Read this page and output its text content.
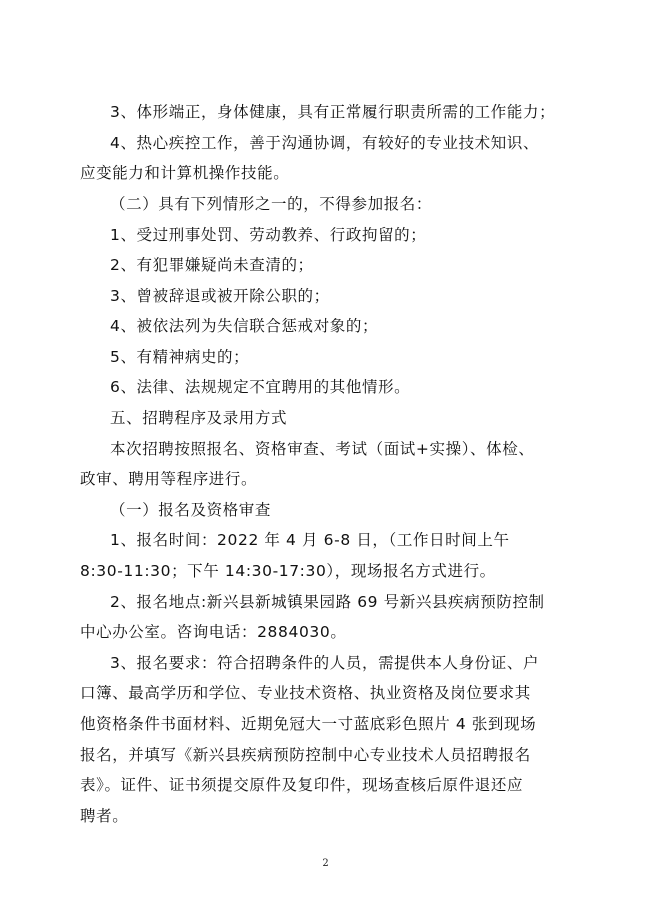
3、体形端正，身体健康，具有正常履行职责所需的工作能力；
4、热心疾控工作，善于沟通协调，有较好的专业技术知识、
应变能力和计算机操作技能。
（二）具有下列情形之一的，不得参加报名：
1、受过刑事处罚、劳动教养、行政拘留的；
2、有犯罪嫌疑尚未查清的；
3、曾被辞退或被开除公职的；
4、被依法列为失信联合惩戒对象的；
5、有精神病史的；
6、法律、法规规定不宜聘用的其他情形。
五、招聘程序及录用方式
本次招聘按照报名、资格审查、考试（面试+实操）、体检、
政审、聘用等程序进行。
（一）报名及资格审查
1、报名时间：2022 年 4 月 6-8 日，（工作日时间上午
8:30-11:30；下午 14:30-17:30），现场报名方式进行。
2、报名地点:新兴县新城镇果园路 69 号新兴县疾病预防控制
中心办公室。咨询电话：2884030。
3、报名要求：符合招聘条件的人员，需提供本人身份证、户
口簿、最高学历和学位、专业技术资格、执业资格及岗位要求其
他资格条件书面材料、近期免冠大一寸蓝底彩色照片 4 张到现场
报名，并填写《新兴县疾病预防控制中心专业技术人员招聘报名
表》。证件、证书须提交原件及复印件，现场查核后原件退还应
聘者。
2
